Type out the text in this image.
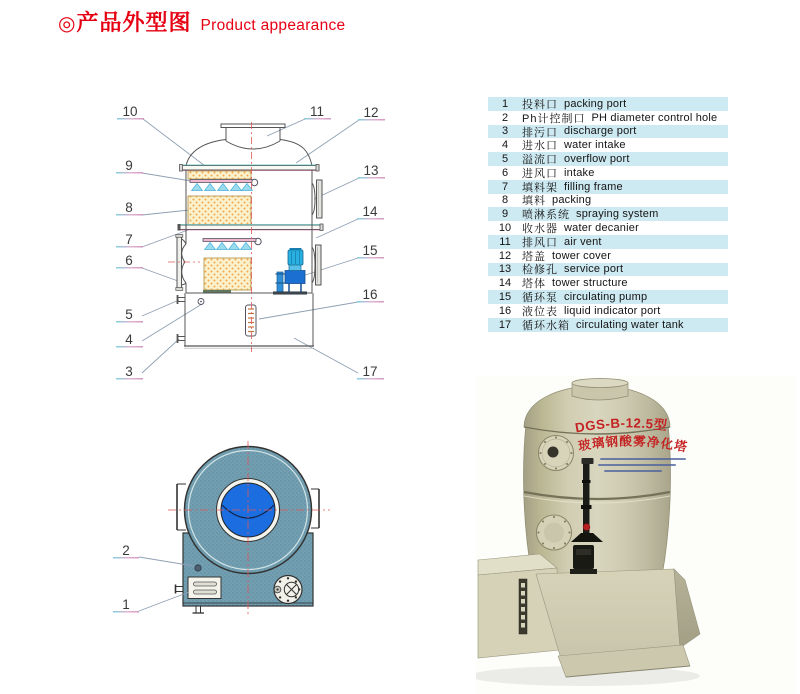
◎ 产品外型图 Product appearance
1	投料口 packing port
2	Ph计控制口 PH diameter control hole
3	排污口 discharge port
4	进水口 water intake
5	溢流口 overflow port
6	进风口 intake
7	填料架 filling frame
8	填料 packing
9	喷淋系统 spraying system
10 收水器 water decanier
11	排风口 air vent
12 塔盖 tower cover
13 检修孔 service port
14 塔体 tower structure
15 循环泵 circulating pump
16 液位表 liquid indicator port
17 循环水箱 circulating water tank
10
9
8
7
6
5
4
3
11	12
13
14
15
16
17
2
1
DGS-B-12.5型
玻璃钢酸雾净化塔
